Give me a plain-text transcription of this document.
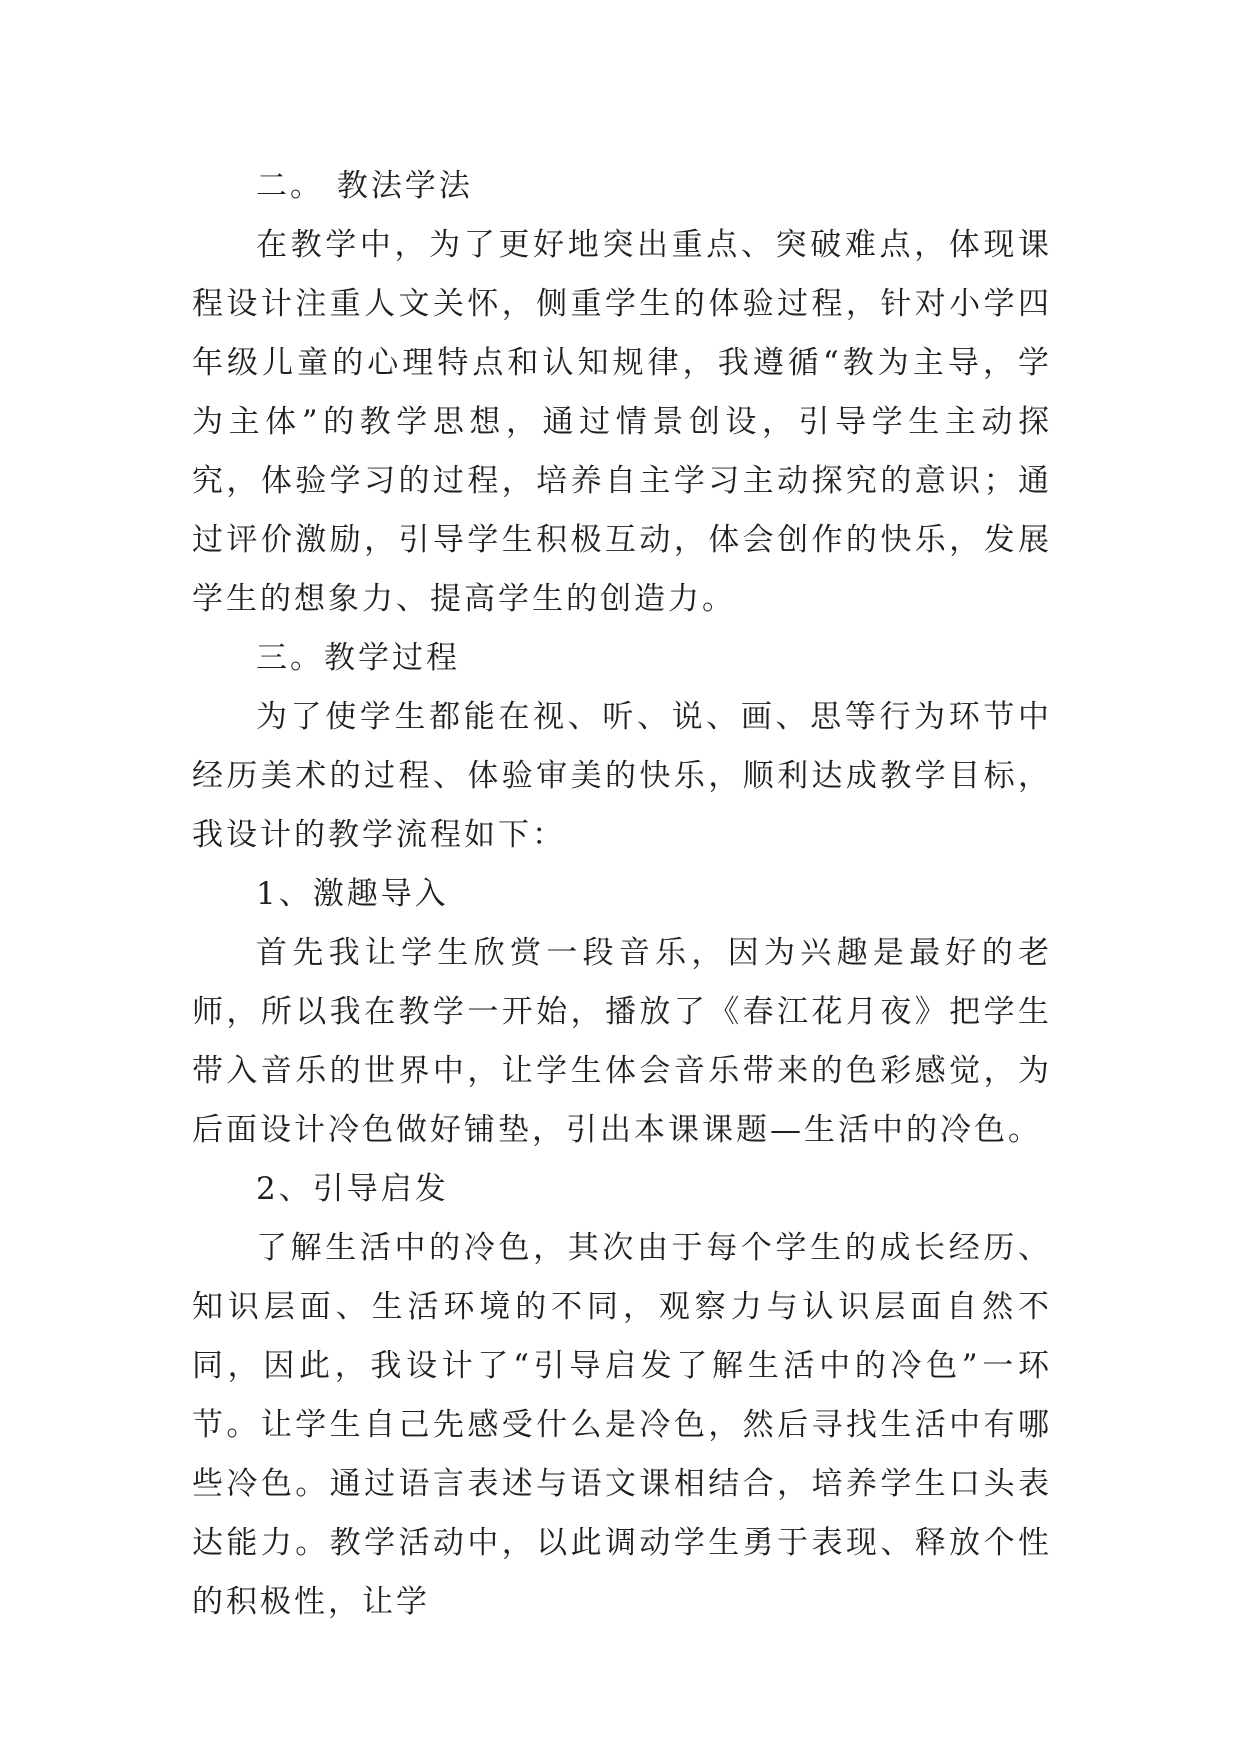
二。 教法学法

在教学中，为了更好地突出重点、突破难点，体现课程设计注重人文关怀，侧重学生的体验过程，针对小学四年级儿童的心理特点和认知规律，我遵循“教为主导，学为主体”的教学思想，通过情景创设，引导学生主动探究，体验学习的过程，培养自主学习主动探究的意识；通过评价激励，引导学生积极互动，体会创作的快乐，发展学生的想象力、提高学生的创造力。

三。教学过程

为了使学生都能在视、听、说、画、思等行为环节中经历美术的过程、体验审美的快乐，顺利达成教学目标，我设计的教学流程如下：

1、激趣导入

首先我让学生欣赏一段音乐，因为兴趣是最好的老师，所以我在教学一开始，播放了《春江花月夜》把学生带入音乐的世界中，让学生体会音乐带来的色彩感觉，为后面设计冷色做好铺垫，引出本课课题—生活中的冷色。

2、引导启发

了解生活中的冷色，其次由于每个学生的成长经历、知识层面、生活环境的不同，观察力与认识层面自然不同，因此，我设计了“引导启发了解生活中的冷色”一环节。让学生自己先感受什么是冷色，然后寻找生活中有哪些冷色。通过语言表述与语文课相结合，培养学生口头表达能力。教学活动中，以此调动学生勇于表现、释放个性的积极性，让学
